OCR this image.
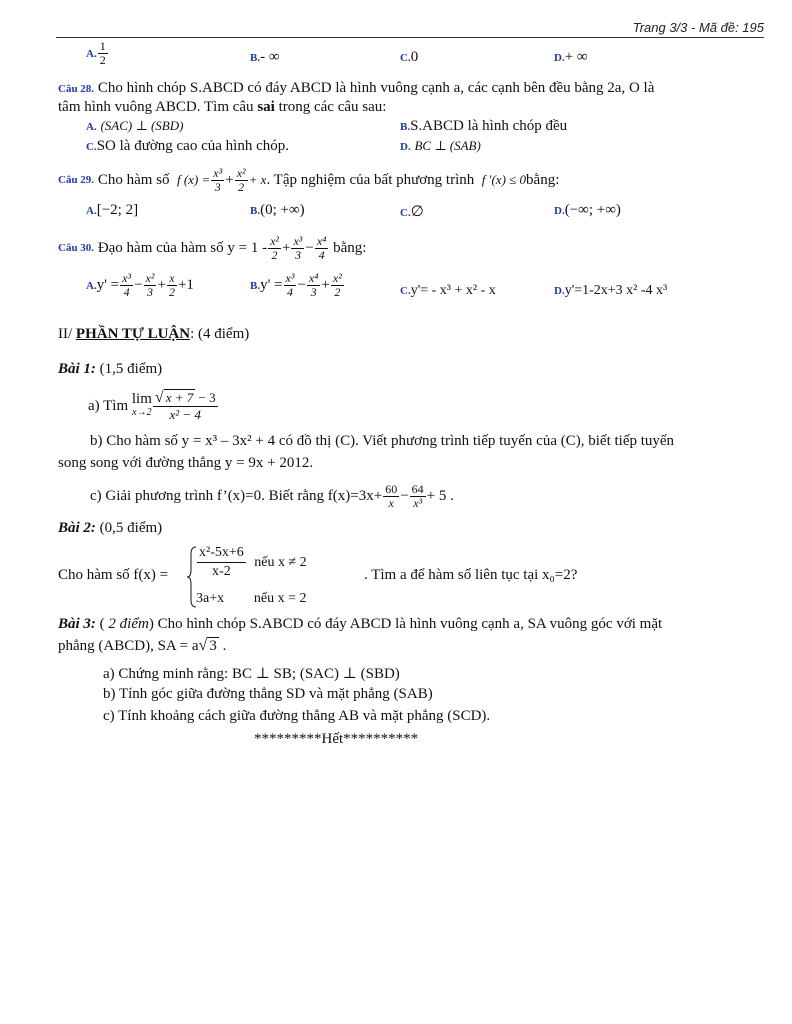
Trang 3/3 - Mã đề: 195
A. $\frac{1}{2}$	B.- ∞	C.0	D.+ ∞
Câu 28. Cho hình chóp S.ABCD có đáy ABCD là hình vuông cạnh a, các cạnh bên đều bằng 2a, O là
tâm hình vuông ABCD. Tìm câu sai trong các câu sau:
A. (SAC) ⊥ (SBD)	B.S.ABCD là hình chóp đều
C.SO là đường cao của hình chóp.	D. BC ⊥ (SAB)
Câu 29.
Cho hàm số
f $(x) = \frac{\text{x³}}{3} + \frac{\text{x²}}{2} + x$ . Tập nghiệm của bất phương trình
f ′(x) ≤ 0 bằng:
A.[−2; 2]	B.(0; +∞)	C.∅	D.(−∞; +∞)
Câu 30.
Đạo hàm của hàm số $y = 1 - \frac{\text{x²}}{2} + \frac{\text{x³}}{3} - \frac{\text{x⁴}}{4}$
bằng:
A. $y' = \frac{\text{x³}}{4} - \frac{\text{x²}}{3} + \frac{x}{2} +1$	B. $y' = \frac{\text{x³}}{4} - \frac{\text{x⁴}}{3} + \frac{\text{x²}}{2}$	C.y'= - x³ + x² - x	D.y'=1-2x+3 x² -4 x³
II/ PHẦN TỰ LUẬN: (4 điểm)
Bài 1: (1,5 điểm)
a) Tìm
lim
$x\to 2 \frac{√ x + 7 - 3}{\text{x² − 4}}$
b) Cho hàm số y = x³ – 3x² + 4 có đồ thị (C). Viết phương trình tiếp tuyến của (C), biết tiếp tuyến
song song với đường thẳng y = 9x + 2012.
c) Giải phương trình f’(x)=0. Biết rằng $f(x)=3x+ \frac{60}{x} - \frac{64}{\text{x³}} + 5$ .
Bài 2: (0,5 điểm)
Cho hàm số $f(x) = \frac{\text{x²-5x+6}}{x-2}$
nếu x ≠ 2
3a+x nếu x = 2
. Tìm a để hàm số liên tục tại x₀=2?
Bài 3: ( 2 điểm) Cho hình chóp S.ABCD có đáy ABCD là hình vuông cạnh a, SA vuông góc với mặt
phẳng (ABCD), SA = a√ 3 .
a) Chứng minh rằng: BC ⊥ SB; (SAC) ⊥ (SBD)
b) Tính góc giữa đường thẳng SD và mặt phẳng (SAB)
c) Tính khoảng cách giữa đường thẳng AB và mặt phẳng (SCD).
*********Hết**********
